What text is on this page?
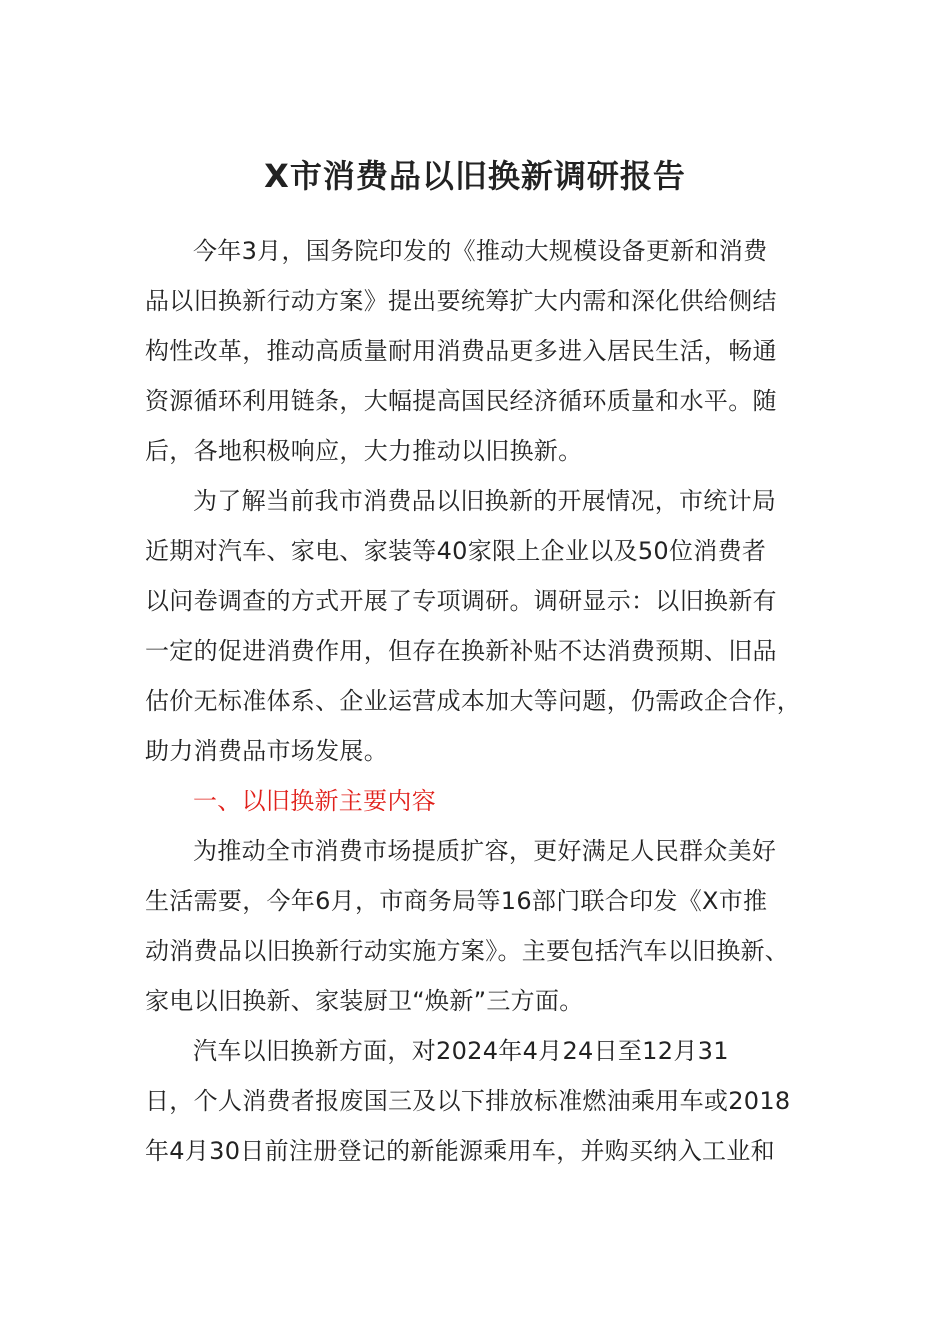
X市消费品以旧换新调研报告
今年3月，国务院印发的《推动大规模设备更新和消费
品以旧换新行动方案》提出要统筹扩大内需和深化供给侧结
构性改革，推动高质量耐用消费品更多进入居民生活，畅通
资源循环利用链条，大幅提高国民经济循环质量和水平。随
后，各地积极响应，大力推动以旧换新。
为了解当前我市消费品以旧换新的开展情况，市统计局
近期对汽车、家电、家装等40家限上企业以及50位消费者
以问卷调查的方式开展了专项调研。调研显示：以旧换新有
一定的促进消费作用，但存在换新补贴不达消费预期、旧品
估价无标准体系、企业运营成本加大等问题，仍需政企合作，
助力消费品市场发展。
一、以旧换新主要内容
为推动全市消费市场提质扩容，更好满足人民群众美好
生活需要，今年6月，市商务局等16部门联合印发《X市推
动消费品以旧换新行动实施方案》。主要包括汽车以旧换新、
家电以旧换新、家装厨卫“焕新”三方面。
汽车以旧换新方面，对2024年4月24日至12月31
日，个人消费者报废国三及以下排放标准燃油乘用车或2018
年4月30日前注册登记的新能源乘用车，并购买纳入工业和
